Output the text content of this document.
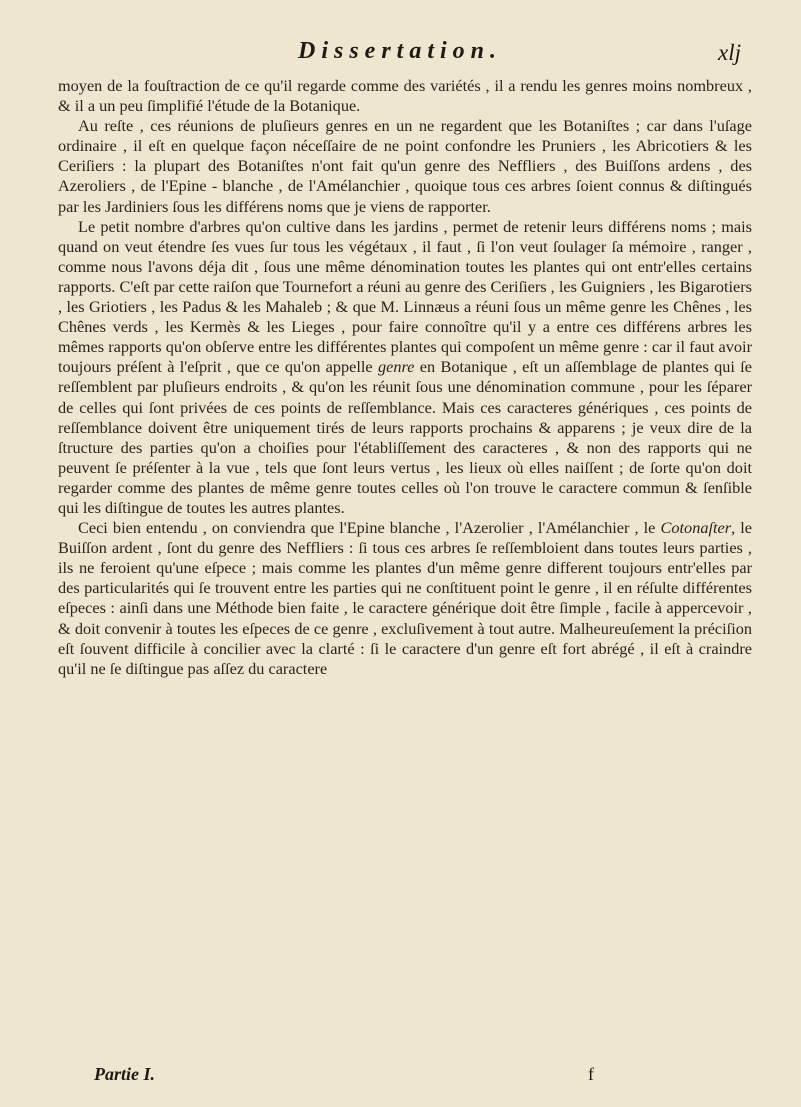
Dissertation.	xlj

moyen de la fouſtraction de ce qu'il regarde comme des variétés , il a rendu les genres moins nombreux , & il a un peu ſimplifié l'étude de la Botanique.

Au reſte , ces réunions de pluſieurs genres en un ne regardent que les Botaniſtes ; car dans l'uſage ordinaire , il eſt en quelque façon néceſſaire de ne point confondre les Pruniers , les Abricotiers & les Ceriſiers : la plupart des Botaniſtes n'ont fait qu'un genre des Neffliers , des Buiſſons ardens , des Azeroliers , de l'Epine - blanche , de l'Amélanchier , quoique tous ces arbres ſoient connus & diſtingués par les Jardiniers ſous les différens noms que je viens de rapporter.

Le petit nombre d'arbres qu'on cultive dans les jardins , permet de retenir leurs différens noms ; mais quand on veut étendre ſes vues ſur tous les végétaux , il faut , ſi l'on veut ſoulager ſa mémoire , ranger , comme nous l'avons déja dit , ſous une même dénomination toutes les plantes qui ont entr'elles certains rapports. C'eſt par cette raiſon que Tournefort a réuni au genre des Ceriſiers , les Guigniers , les Bigarotiers , les Griotiers , les Padus & les Mahaleb ; & que M. Linnæus a réuni ſous un même genre les Chênes , les Chênes verds , les Kermès & les Lieges , pour faire connoître qu'il y a entre ces différens arbres les mêmes rapports qu'on obſerve entre les différentes plantes qui compoſent un même genre : car il faut avoir toujours préſent à l'eſprit , que ce qu'on appelle genre en Botanique , eſt un aſſemblage de plantes qui ſe reſſemblent par pluſieurs endroits , & qu'on les réunit ſous une dénomination commune , pour les ſéparer de celles qui ſont privées de ces points de reſſemblance. Mais ces caracteres génériques , ces points de reſſemblance doivent être uniquement tirés de leurs rapports prochains & apparens ; je veux dire de la ſtructure des parties qu'on a choiſies pour l'établiſſement des caracteres , & non des rapports qui ne peuvent ſe préſenter à la vue , tels que ſont leurs vertus , les lieux où elles naiſſent ; de ſorte qu'on doit regarder comme des plantes de même genre toutes celles où l'on trouve le caractere commun & ſenſible qui les diſtingue de toutes les autres plantes.

Ceci bien entendu , on conviendra que l'Epine blanche , l'Azerolier , l'Amélanchier , le Cotonaſter, le Buiſſon ardent , ſont du genre des Neffliers : ſi tous ces arbres ſe reſſembloient dans toutes leurs parties , ils ne feroient qu'une eſpece ; mais comme les plantes d'un même genre different toujours entr'elles par des particularités qui ſe trouvent entre les parties qui ne conſtituent point le genre , il en réſulte différentes eſpeces : ainſi dans une Méthode bien faite , le caractere générique doit être ſimple , facile à appercevoir , & doit convenir à toutes les eſpeces de ce genre , excluſivement à tout autre. Malheureuſement la préciſion eſt ſouvent difficile à concilier avec la clarté : ſi le caractere d'un genre eſt fort abrégé , il eſt à craindre qu'il ne ſe diſtingue pas aſſez du caractere

Partie I.	f
